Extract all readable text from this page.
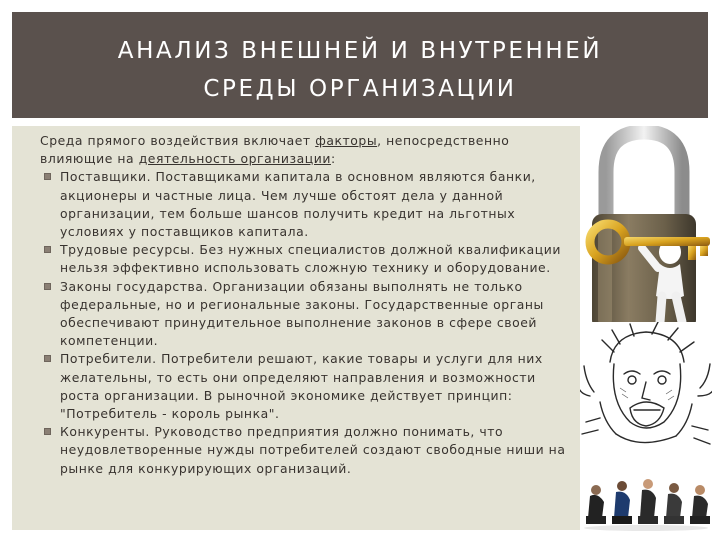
АНАЛИЗ ВНЕШНЕЙ И ВНУТРЕННЕЙ
СРЕДЫ ОРГАНИЗАЦИИ

Среда прямого воздействия включает факторы, непосредственно влияющие на деятельность организации:

Поставщики. Поставщиками капитала в основном являются банки, акционеры и частные лица. Чем лучше обстоят дела у данной организации, тем больше шансов получить кредит на льготных условиях у поставщиков капитала.
Трудовые ресурсы. Без нужных специалистов должной квалификации нельзя эффективно использовать сложную технику и оборудование.
Законы государства. Организации обязаны выполнять не только федеральные, но и региональные законы. Государственные органы обеспечивают принудительное выполнение законов в сфере своей компетенции.
Потребители. Потребители решают, какие товары и услуги для них желательны, то есть они определяют направления и возможности роста организации. В рыночной экономике действует принцип: "Потребитель - король рынка".
Конкуренты. Руководство предприятия должно понимать, что неудовлетворенные нужды потребителей создают свободные ниши на рынке для конкурирующих организаций.
